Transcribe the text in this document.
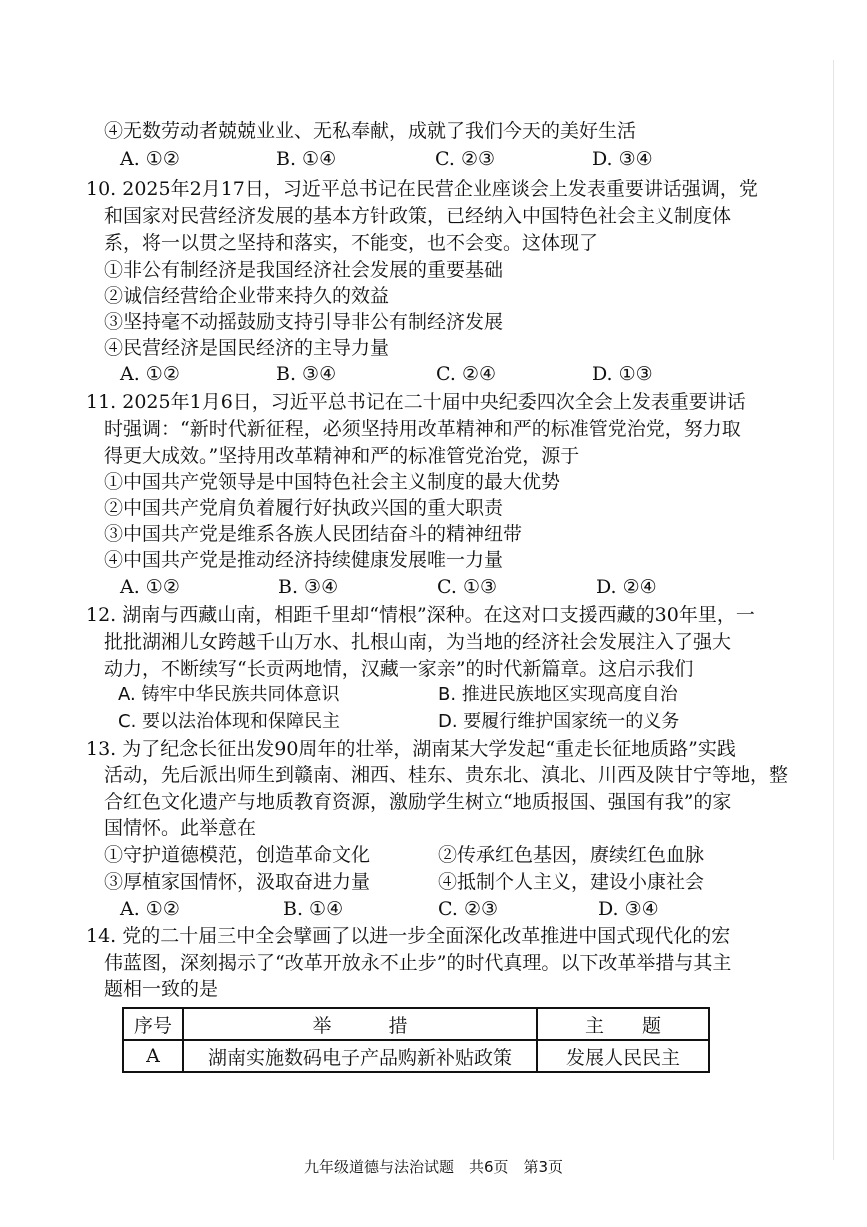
④无数劳动者兢兢业业、无私奉献，成就了我们今天的美好生活
A. ①②	B. ①④	C. ②③	D. ③④
10. 2025年2月17日，习近平总书记在民营企业座谈会上发表重要讲话强调，党
和国家对民营经济发展的基本方针政策，已经纳入中国特色社会主义制度体
系，将一以贯之坚持和落实，不能变，也不会变。这体现了
①非公有制经济是我国经济社会发展的重要基础
②诚信经营给企业带来持久的效益
③坚持毫不动摇鼓励支持引导非公有制经济发展
④民营经济是国民经济的主导力量
A. ①②	B. ③④	C. ②④	D. ①③
11. 2025年1月6日，习近平总书记在二十届中央纪委四次全会上发表重要讲话
时强调：“新时代新征程，必须坚持用改革精神和严的标准管党治党，努力取
得更大成效。”坚持用改革精神和严的标准管党治党，源于
①中国共产党领导是中国特色社会主义制度的最大优势
②中国共产党肩负着履行好执政兴国的重大职责
③中国共产党是维系各族人民团结奋斗的精神纽带
④中国共产党是推动经济持续健康发展唯一力量
A. ①②	B. ③④	C. ①③	D. ②④
12. 湖南与西藏山南，相距千里却“情根”深种。在这对口支援西藏的30年里，一
批批湖湘儿女跨越千山万水、扎根山南，为当地的经济社会发展注入了强大
动力，不断续写“长贡两地情，汉藏一家亲”的时代新篇章。这启示我们
A. 铸牢中华民族共同体意识	B. 推进民族地区实现高度自治
C. 要以法治体现和保障民主	D. 要履行维护国家统一的义务
13. 为了纪念长征出发90周年的壮举，湖南某大学发起“重走长征地质路”实践
活动，先后派出师生到赣南、湘西、桂东、贵东北、滇北、川西及陕甘宁等地，整
合红色文化遗产与地质教育资源，激励学生树立“地质报国、强国有我”的家
国情怀。此举意在
①守护道德模范，创造革命文化	②传承红色基因，赓续红色血脉
③厚植家国情怀，汲取奋进力量	④抵制个人主义，建设小康社会
A. ①②	B. ①④	C. ②③	D. ③④
14. 党的二十届三中全会擘画了以进一步全面深化改革推进中国式现代化的宏
伟蓝图，深刻揭示了“改革开放永不止步”的时代真理。以下改革举措与其主
题相一致的是
序号	举　　　措	主　　题
A	湖南实施数码电子产品购新补贴政策	发展人民民主
九年级道德与法治试题　共6页　第3页
